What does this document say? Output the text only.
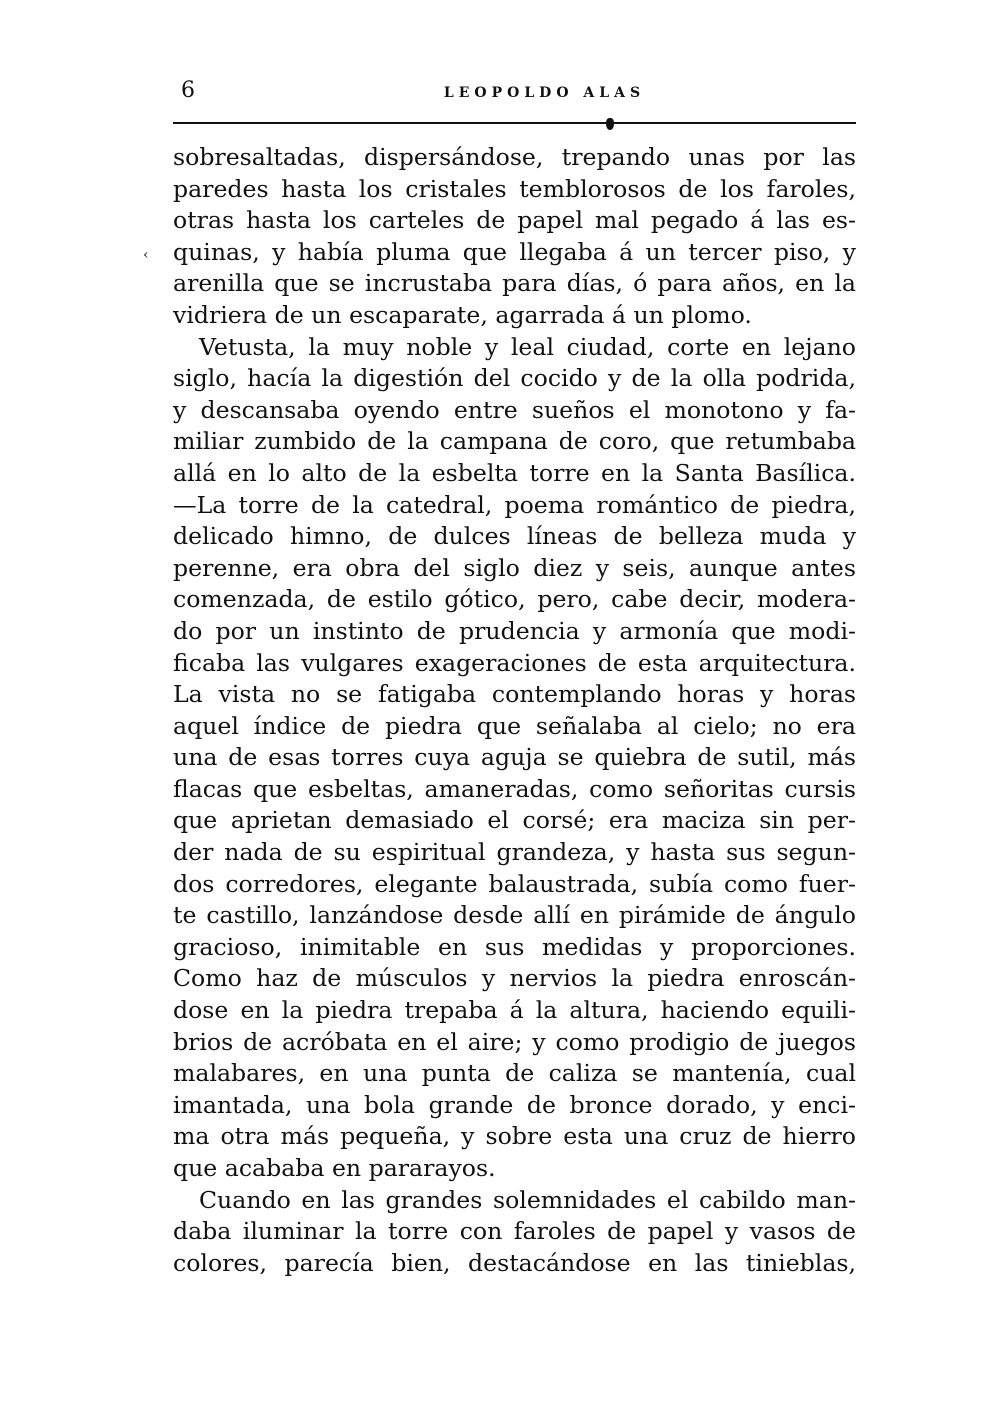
6	LEOPOLDO ALAS
‹
sobresaltadas, dispersándose, trepando unas por las
paredes hasta los cristales temblorosos de los faroles,
otras hasta los carteles de papel mal pegado á las es-
quinas, y había pluma que llegaba á un tercer piso, y
arenilla que se incrustaba para días, ó para años, en la
vidriera de un escaparate, agarrada á un plomo.
Vetusta, la muy noble y leal ciudad, corte en lejano
siglo, hacía la digestión del cocido y de la olla podrida,
y descansaba oyendo entre sueños el monotono y fa-
miliar zumbido de la campana de coro, que retumbaba
allá en lo alto de la esbelta torre en la Santa Basílica.
—La torre de la catedral, poema romántico de piedra,
delicado himno, de dulces líneas de belleza muda y
perenne, era obra del siglo diez y seis, aunque antes
comenzada, de estilo gótico, pero, cabe decir, modera-
do por un instinto de prudencia y armonía que modi-
ficaba las vulgares exageraciones de esta arquitectura.
La vista no se fatigaba contemplando horas y horas
aquel índice de piedra que señalaba al cielo; no era
una de esas torres cuya aguja se quiebra de sutil, más
flacas que esbeltas, amaneradas, como señoritas cursis
que aprietan demasiado el corsé; era maciza sin per-
der nada de su espiritual grandeza, y hasta sus segun-
dos corredores, elegante balaustrada, subía como fuer-
te castillo, lanzándose desde allí en pirámide de ángulo
gracioso, inimitable en sus medidas y proporciones.
Como haz de músculos y nervios la piedra enroscán-
dose en la piedra trepaba á la altura, haciendo equili-
brios de acróbata en el aire; y como prodigio de juegos
malabares, en una punta de caliza se mantenía, cual
imantada, una bola grande de bronce dorado, y enci-
ma otra más pequeña, y sobre esta una cruz de hierro
que acababa en pararayos.
Cuando en las grandes solemnidades el cabildo man-
daba iluminar la torre con faroles de papel y vasos de
colores, parecía bien, destacándose en las tinieblas,
